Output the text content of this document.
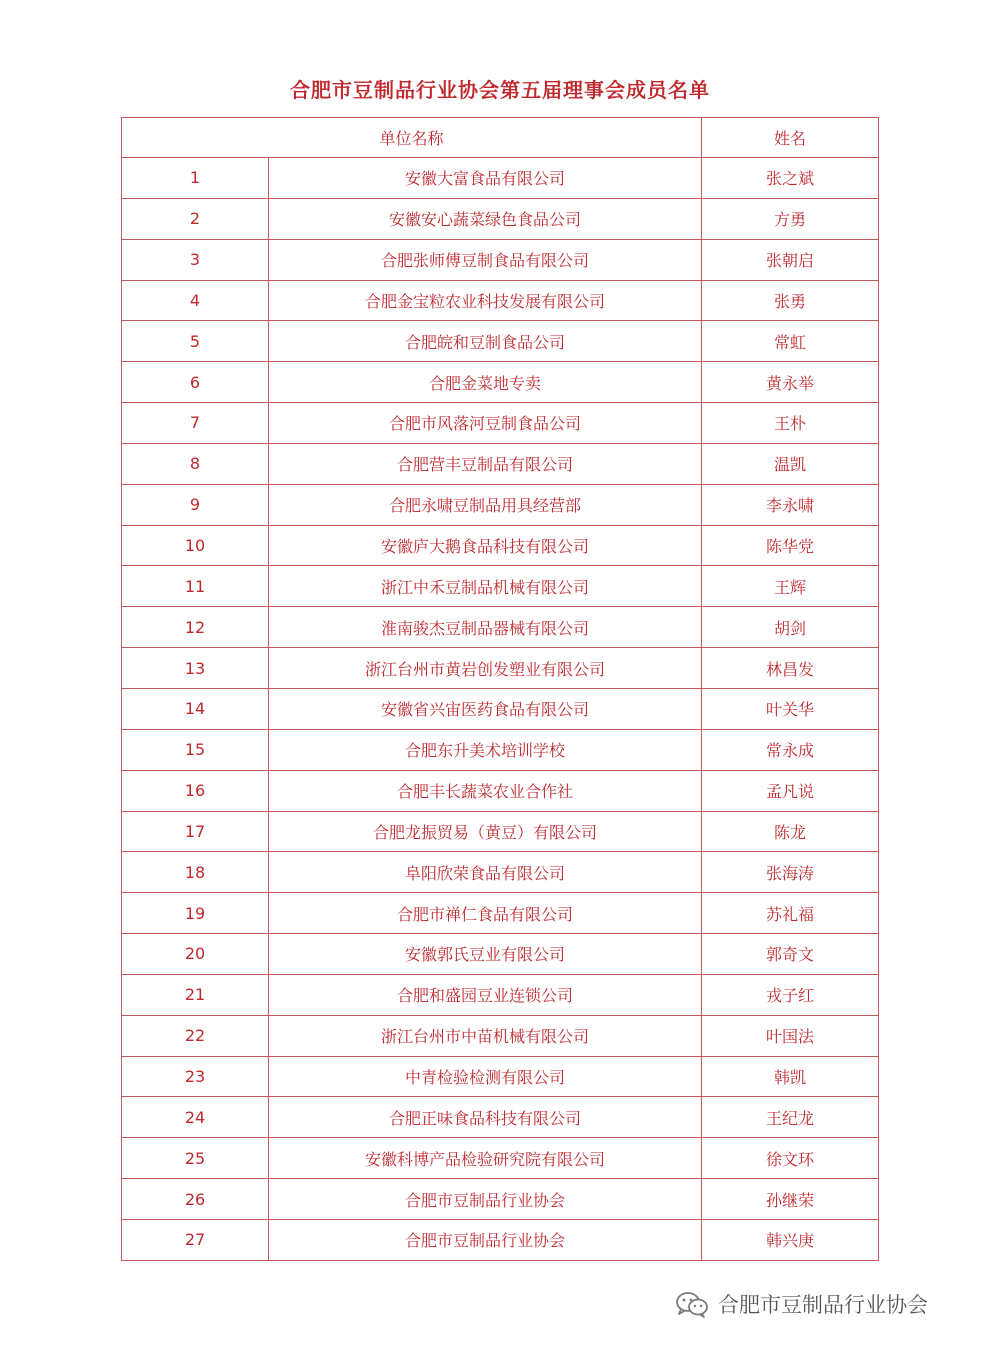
合肥市豆制品行业协会第五届理事会成员名单
单位名称		姓名
1	安徽大富食品有限公司	张之斌
2	安徽安心蔬菜绿色食品公司	方勇
3	合肥张师傅豆制食品有限公司	张朝启
4	合肥金宝粒农业科技发展有限公司	张勇
5	合肥皖和豆制食品公司	常虹
6	合肥金菜地专卖	黄永举
7	合肥市风落河豆制食品公司	王朴
8	合肥营丰豆制品有限公司	温凯
9	合肥永啸豆制品用具经营部	李永啸
10	安徽庐大鹅食品科技有限公司	陈华党
11	浙江中禾豆制品机械有限公司	王辉
12	淮南骏杰豆制品器械有限公司	胡剑
13	浙江台州市黄岩创发塑业有限公司	林昌发
14	安徽省兴宙医药食品有限公司	叶关华
15	合肥东升美术培训学校	常永成
16	合肥丰长蔬菜农业合作社	孟凡说
17	合肥龙振贸易（黄豆）有限公司	陈龙
18	阜阳欣荣食品有限公司	张海涛
19	合肥市禅仁食品有限公司	苏礼福
20	安徽郭氏豆业有限公司	郭奇文
21	合肥和盛园豆业连锁公司	戎子红
22	浙江台州市中苗机械有限公司	叶国法
23	中青检验检测有限公司	韩凯
24	合肥正味食品科技有限公司	王纪龙
25	安徽科博产品检验研究院有限公司	徐文环
26	合肥市豆制品行业协会	孙继荣
27	合肥市豆制品行业协会	韩兴庚
合肥市豆制品行业协会
